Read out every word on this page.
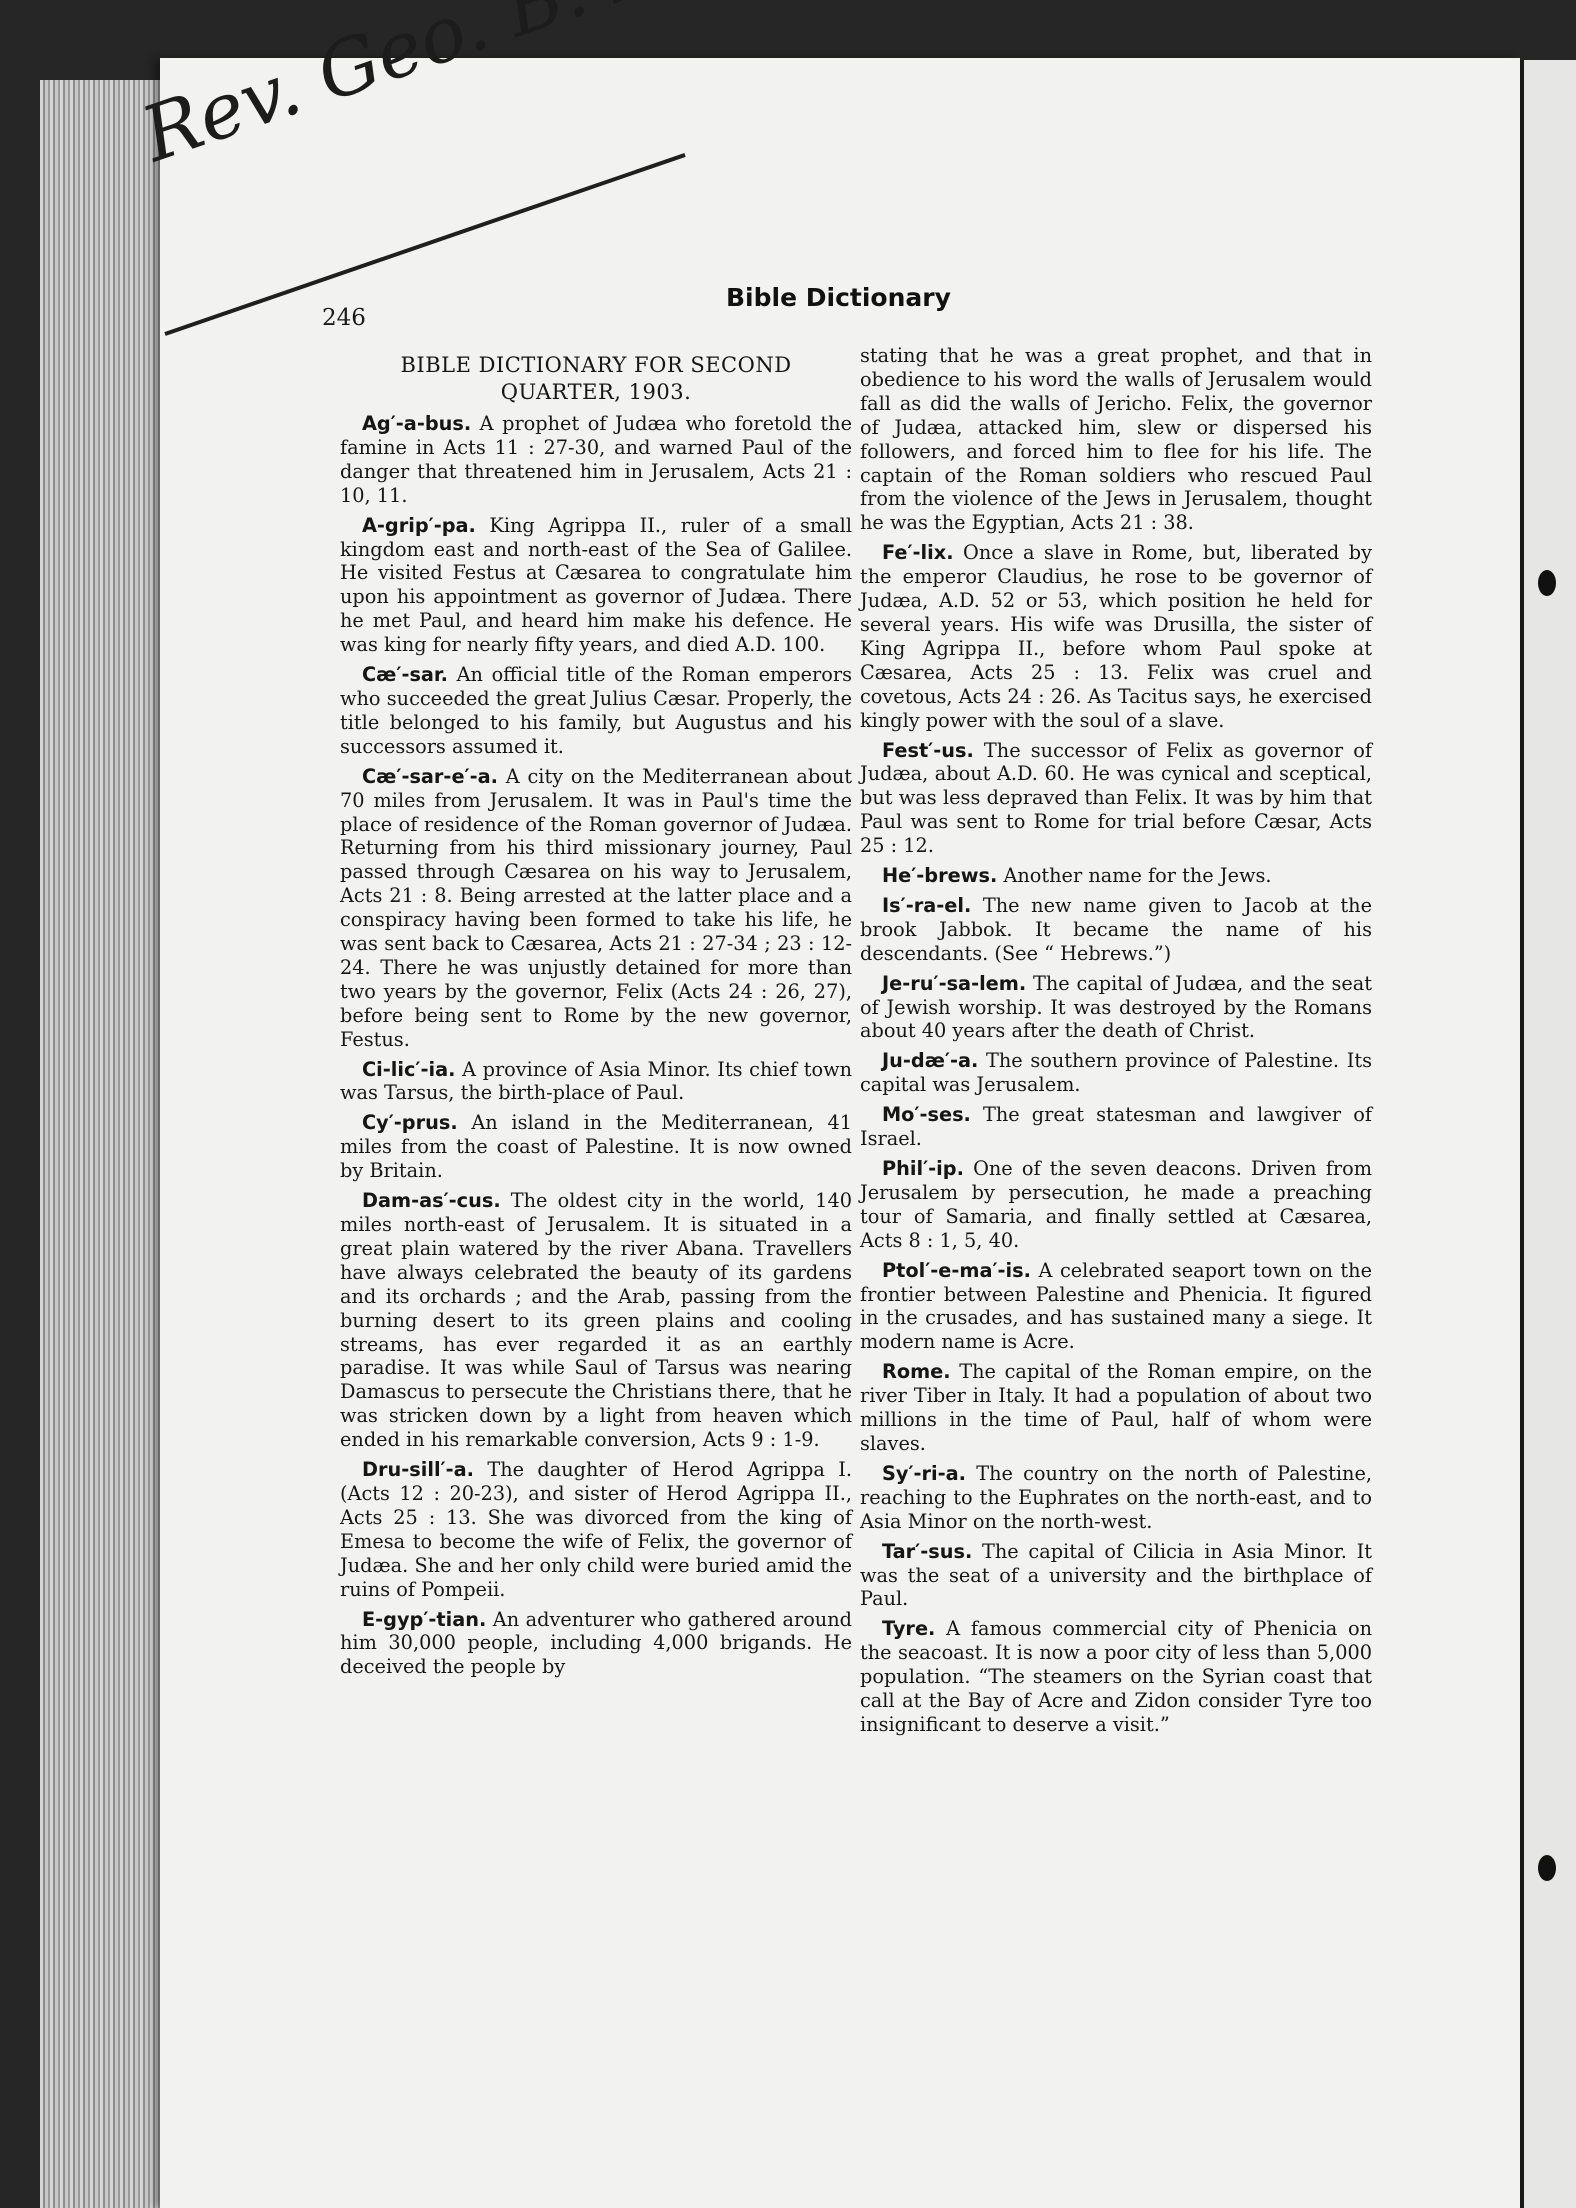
Rev. Geo.
246
Bible Dictionary
BIBLE DICTIONARY FOR SECOND
QUARTER, 1903.

Ag′-a-bus. A prophet of Judæa who foretold the famine in Acts 11 : 27-30, and warned Paul of the danger that threatened him in Jerusalem, Acts 21 : 10, 11.

A-grip′-pa. King Agrippa II., ruler of a small kingdom east and north-east of the Sea of Galilee. He visited Festus at Cæsarea to congratulate him upon his appointment as governor of Judæa. There he met Paul, and heard him make his defence. He was king for nearly fifty years, and died A.D. 100.

Cæ′-sar. An official title of the Roman emperors who succeeded the great Julius Cæsar. Properly, the title belonged to his family, but Augustus and his successors assumed it.

Cæ′-sar-e′-a. A city on the Mediterranean about 70 miles from Jerusalem. It was in Paul's time the place of residence of the Roman governor of Judæa. Returning from his third missionary journey, Paul passed through Cæsarea on his way to Jerusalem, Acts 21 : 8. Being arrested at the latter place and a conspiracy having been formed to take his life, he was sent back to Cæsarea, Acts 21 : 27-34 ; 23 : 12-24. There he was unjustly detained for more than two years by the governor, Felix (Acts 24 : 26, 27), before being sent to Rome by the new governor, Festus.

Ci-lic′-ia. A province of Asia Minor. Its chief town was Tarsus, the birth-place of Paul.

Cy′-prus. An island in the Mediterranean, 41 miles from the coast of Palestine. It is now owned by Britain.

Dam-as′-cus. The oldest city in the world, 140 miles north-east of Jerusalem. It is situated in a great plain watered by the river Abana. Travellers have always celebrated the beauty of its gardens and its orchards ; and the Arab, passing from the burning desert to its green plains and cooling streams, has ever regarded it as an earthly paradise. It was while Saul of Tarsus was nearing Damascus to persecute the Christians there, that he was stricken down by a light from heaven which ended in his remarkable conversion, Acts 9 : 1-9.

Dru-sill′-a. The daughter of Herod Agrippa I. (Acts 12 : 20-23), and sister of Herod Agrippa II., Acts 25 : 13. She was divorced from the king of Emesa to become the wife of Felix, the governor of Judæa. She and her only child were buried amid the ruins of Pompeii.

E-gyp′-tian. An adventurer who gathered around him 30,000 people, including 4,000 brigands. He deceived the people by

stating that he was a great prophet, and that in obedience to his word the walls of Jerusalem would fall as did the walls of Jericho. Felix, the governor of Judæa, attacked him, slew or dispersed his followers, and forced him to flee for his life. The captain of the Roman soldiers who rescued Paul from the violence of the Jews in Jerusalem, thought he was the Egyptian, Acts 21 : 38.

Fe′-lix. Once a slave in Rome, but, liberated by the emperor Claudius, he rose to be governor of Judæa, A.D. 52 or 53, which position he held for several years. His wife was Drusilla, the sister of King Agrippa II., before whom Paul spoke at Cæsarea, Acts 25 : 13. Felix was cruel and covetous, Acts 24 : 26. As Tacitus says, he exercised kingly power with the soul of a slave.

Fest′-us. The successor of Felix as governor of Judæa, about A.D. 60. He was cynical and sceptical, but was less depraved than Felix. It was by him that Paul was sent to Rome for trial before Cæsar, Acts 25 : 12.

He′-brews. Another name for the Jews.

Is′-ra-el. The new name given to Jacob at the brook Jabbok. It became the name of his descendants. (See “ Hebrews.”)

Je-ru′-sa-lem. The capital of Judæa, and the seat of Jewish worship. It was destroyed by the Romans about 40 years after the death of Christ.

Ju-dæ′-a. The southern province of Palestine. Its capital was Jerusalem.

Mo′-ses. The great statesman and lawgiver of Israel.

Phil′-ip. One of the seven deacons. Driven from Jerusalem by persecution, he made a preaching tour of Samaria, and finally settled at Cæsarea, Acts 8 : 1, 5, 40.

Ptol′-e-ma′-is. A celebrated seaport town on the frontier between Palestine and Phenicia. It figured in the crusades, and has sustained many a siege. It modern name is Acre.

Rome. The capital of the Roman empire, on the river Tiber in Italy. It had a population of about two millions in the time of Paul, half of whom were slaves.

Sy′-ri-a. The country on the north of Palestine, reaching to the Euphrates on the north-east, and to Asia Minor on the north-west.

Tar′-sus. The capital of Cilicia in Asia Minor. It was the seat of a university and the birthplace of Paul.

Tyre. A famous commercial city of Phenicia on the seacoast. It is now a poor city of less than 5,000 population. “The steamers on the Syrian coast that call at the Bay of Acre and Zidon consider Tyre too insignificant to deserve a visit.”
